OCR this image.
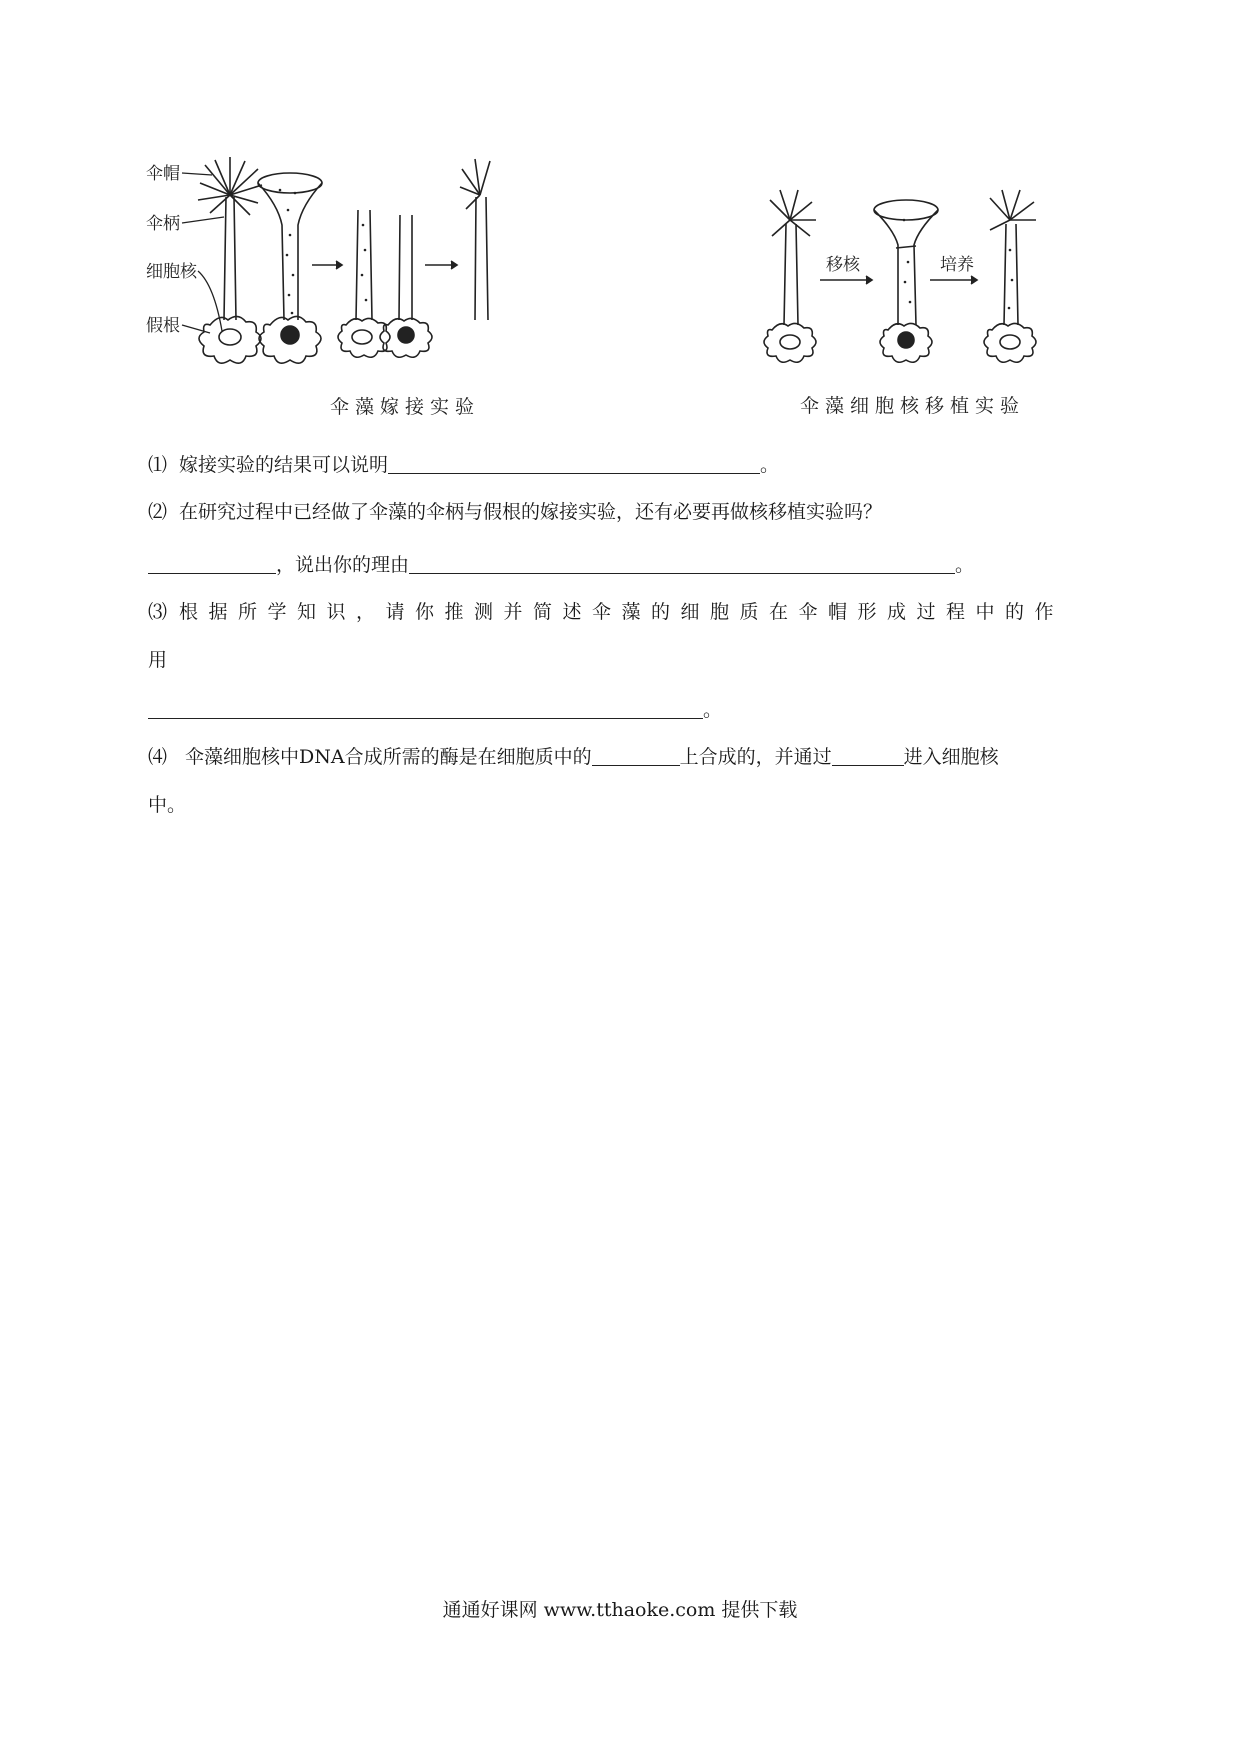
伞帽
伞柄
细胞核
假根
伞藻嫁接实验
移核	培养
伞藻细胞核移植实验
⑴ 嫁接实验的结果可以说明	。
⑵ 在研究过程中已经做了伞藻的伞柄与假根的嫁接实验，还有必要再做核移植实验吗？
，说出你的理由	。
⑶ 根据所学知识，请你推测并简述伞藻的细胞质在伞帽形成过程中的作
用
。
⑷ 伞藻细胞核中DNA合成所需的酶是在细胞质中的	上合成的，并通过	进入细胞核
中。
通通好课网 www.tthaoke.com 提供下载
